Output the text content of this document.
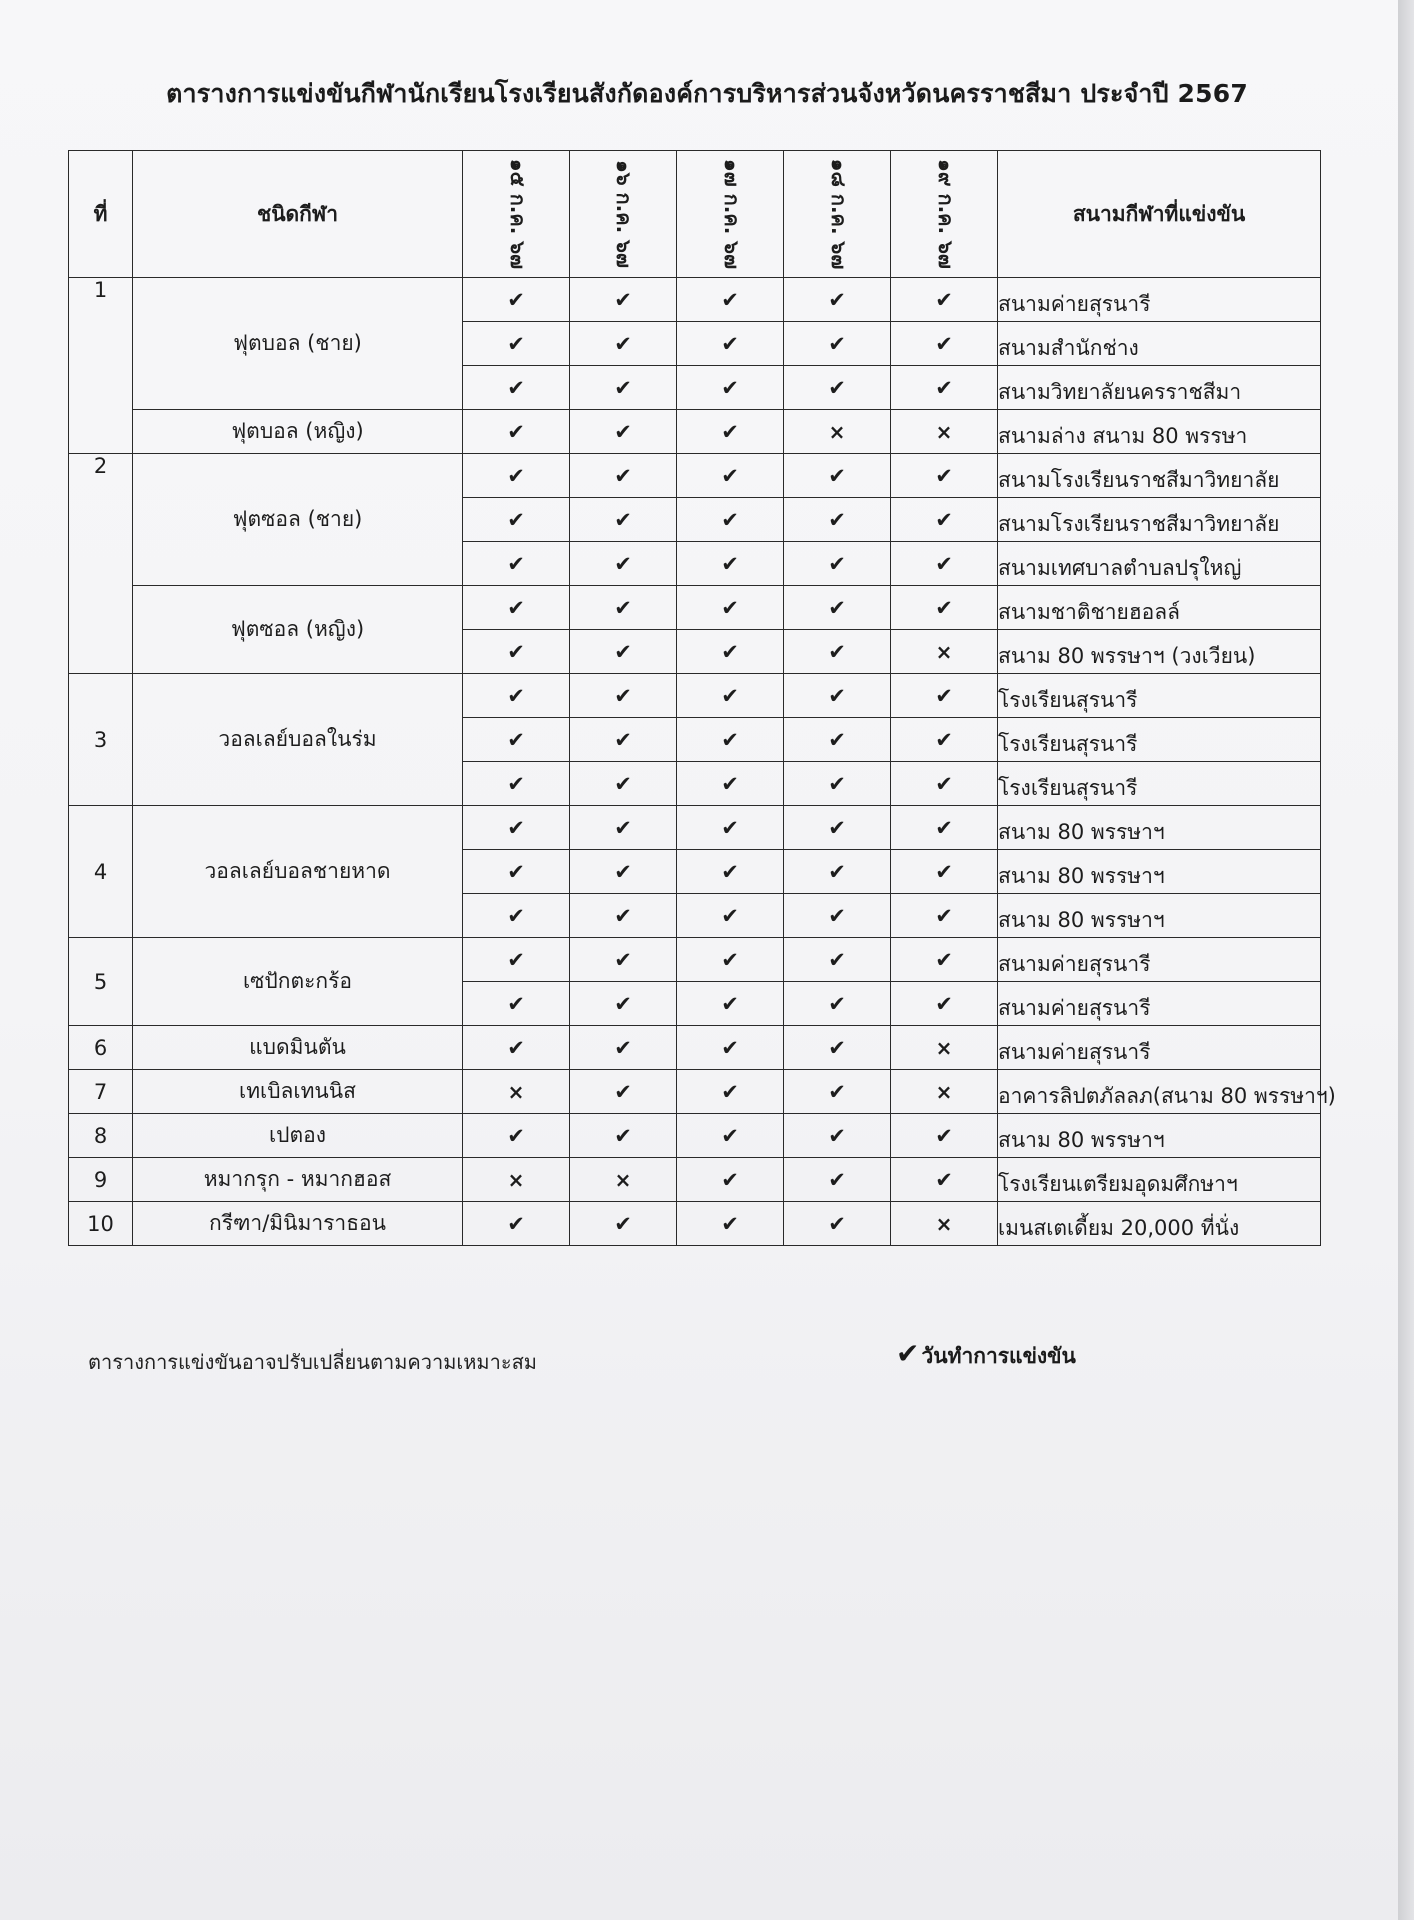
ตารางการแข่งขันกีฬานักเรียนโรงเรียนสังกัดองค์การบริหารส่วนจังหวัดนครราชสีมา ประจำปี 2567
ที่	ชนิดกีฬา	๑๕ ก.ค. ๖๗	๑๖ ก.ค. ๖๗	๑๗ ก.ค. ๖๗	๑๘ ก.ค. ๖๗	๑๙ ก.ค. ๖๗	สนามกีฬาที่แข่งขัน
1	ฟุตบอล (ชาย)	✔	✔	✔	✔	✔	สนามค่ายสุรนารี
		✔	✔	✔	✔	✔	สนามสำนักช่าง
		✔	✔	✔	✔	✔	สนามวิทยาลัยนครราชสีมา
	ฟุตบอล (หญิง)	✔	✔	✔	×	×	สนามล่าง สนาม 80 พรรษา
2	ฟุตซอล (ชาย)	✔	✔	✔	✔	✔	สนามโรงเรียนราชสีมาวิทยาลัย
		✔	✔	✔	✔	✔	สนามโรงเรียนราชสีมาวิทยาลัย
		✔	✔	✔	✔	✔	สนามเทศบาลตำบลปรุใหญ่
	ฟุตซอล (หญิง)	✔	✔	✔	✔	✔	สนามชาติชายฮอลล์
		✔	✔	✔	✔	×	สนาม 80 พรรษาฯ (วงเวียน)
3	วอลเลย์บอลในร่ม	✔	✔	✔	✔	✔	โรงเรียนสุรนารี
		✔	✔	✔	✔	✔	โรงเรียนสุรนารี
		✔	✔	✔	✔	✔	โรงเรียนสุรนารี
4	วอลเลย์บอลชายหาด	✔	✔	✔	✔	✔	สนาม 80 พรรษาฯ
		✔	✔	✔	✔	✔	สนาม 80 พรรษาฯ
		✔	✔	✔	✔	✔	สนาม 80 พรรษาฯ
5	เซปักตะกร้อ	✔	✔	✔	✔	✔	สนามค่ายสุรนารี
		✔	✔	✔	✔	✔	สนามค่ายสุรนารี
6	แบดมินตัน	✔	✔	✔	✔	×	สนามค่ายสุรนารี
7	เทเบิลเทนนิส	×	✔	✔	✔	×	อาคารลิปตภัลลภ(สนาม 80 พรรษาฯ)
8	เปตอง	✔	✔	✔	✔	✔	สนาม 80 พรรษาฯ
9	หมากรุก - หมากฮอส	×	×	✔	✔	✔	โรงเรียนเตรียมอุดมศึกษาฯ
10	กรีฑา/มินิมาราธอน	✔	✔	✔	✔	×	เมนสเตเดี้ยม 20,000 ที่นั่ง
ตารางการแข่งขันอาจปรับเปลี่ยนตามความเหมาะสม	✔วันทำการแข่งขัน
